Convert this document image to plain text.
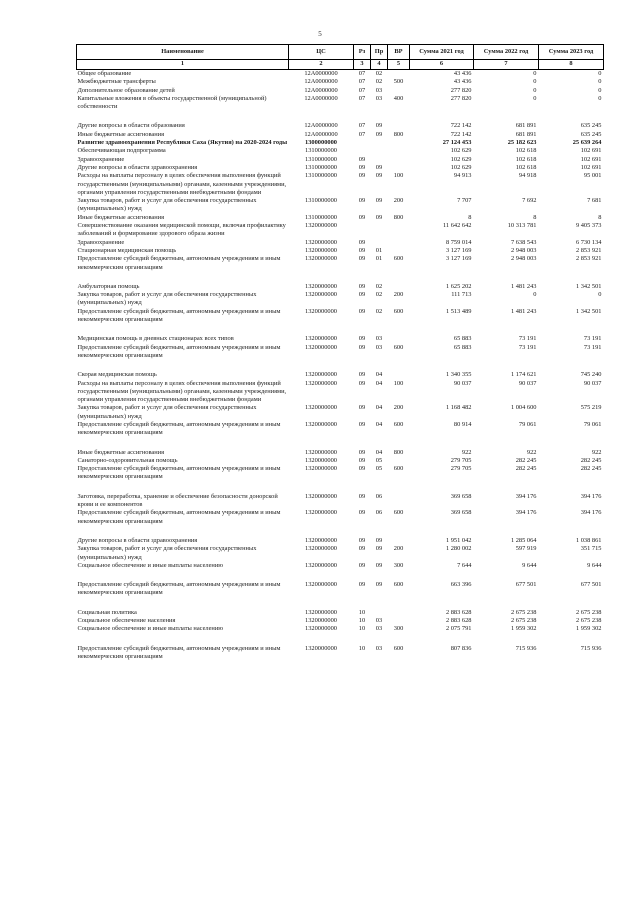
5
Наименование	ЦС	Рз	Пр	ВР	Сумма 2021 год	Сумма 2022 год	Сумма 2023 год
1	2	3	4	5	6	7	8
Общее образование	12А0000000	07	02		43 436	0	0
Межбюджетные трансферты	12А0000000	07	02	500	43 436	0	0
Дополнительное образование детей	12А0000000	07	03		277 820	0	0
Капитальные вложения в объекты государственной (муниципальной) собственности	12А0000000	07	03	400	277 820	0	0

Другие вопросы в области образования	12А0000000	07	09		722 142	681 891	635 245
Иные бюджетные ассигнования	12А0000000	07	09	800	722 142	681 891	635 245
Развитие здравоохранения Республики Саха (Якутия) на 2020-2024 годы	1300000000				27 124 453	25 182 623	25 639 264
Обеспечивающая подпрограмма	1310000000				102 629	102 618	102 691
Здравоохранение	1310000000	09			102 629	102 618	102 691
Другие вопросы в области здравоохранения	1310000000	09	09		102 629	102 618	102 691
Расходы на выплаты персоналу в целях обеспечения выполнения функций государственными (муниципальными) органами, казенными учреждениями, органами управления государственными внебюджетными фондами	1310000000	09	09	100	94 913	94 918	95 001
Закупка товаров, работ и услуг для обеспечения государственных (муниципальных) нужд	1310000000	09	09	200	7 707	7 692	7 681
Иные бюджетные ассигнования	1310000000	09	09	800	8	8	8
Совершенствование оказания медицинской помощи, включая профилактику заболеваний и формирование здорового образа жизни	1320000000				11 642 642	10 313 781	9 405 373
Здравоохранение	1320000000	09			8 759 014	7 638 543	6 730 134
Стационарная медицинская помощь	1320000000	09	01		3 127 169	2 948 003	2 853 921
Предоставление субсидий бюджетным, автономным учреждениям и иным некоммерческим организациям	1320000000	09	01	600	3 127 169	2 948 003	2 853 921

Амбулаторная помощь	1320000000	09	02		1 625 202	1 481 243	1 342 501
Закупка товаров, работ и услуг для обеспечения государственных (муниципальных) нужд	1320000000	09	02	200	111 713	0	0
Предоставление субсидий бюджетным, автономным учреждениям и иным некоммерческим организациям	1320000000	09	02	600	1 513 489	1 481 243	1 342 501

Медицинская помощь в дневных стационарах всех типов	1320000000	09	03		65 883	73 191	73 191
Предоставление субсидий бюджетным, автономным учреждениям и иным некоммерческим организациям	1320000000	09	03	600	65 883	73 191	73 191

Скорая медицинская помощь	1320000000	09	04		1 340 355	1 174 621	745 240
Расходы на выплаты персоналу в целях обеспечения выполнения функций государственными (муниципальными) органами, казенными учреждениями, органами управления государственными внебюджетными фондами	1320000000	09	04	100	90 037	90 037	90 037
Закупка товаров, работ и услуг для обеспечения государственных (муниципальных) нужд	1320000000	09	04	200	1 168 482	1 004 600	575 219
Предоставление субсидий бюджетным, автономным учреждениям и иным некоммерческим организациям	1320000000	09	04	600	80 914	79 061	79 061

Иные бюджетные ассигнования	1320000000	09	04	800	922	922	922
Санаторно-оздоровительная помощь	1320000000	09	05		279 705	282 245	282 245
Предоставление субсидий бюджетным, автономным учреждениям и иным некоммерческим организациям	1320000000	09	05	600	279 705	282 245	282 245

Заготовка, переработка, хранение и обеспечение безопасности донорской крови и ее компонентов	1320000000	09	06		369 658	394 176	394 176
Предоставление субсидий бюджетным, автономным учреждениям и иным некоммерческим организациям	1320000000	09	06	600	369 658	394 176	394 176

Другие вопросы в области здравоохранения	1320000000	09	09		1 951 042	1 285 064	1 038 861
Закупка товаров, работ и услуг для обеспечения государственных (муниципальных) нужд	1320000000	09	09	200	1 280 002	597 919	351 715
Социальное обеспечение и иные выплаты населению	1320000000	09	09	300	7 644	9 644	9 644

Предоставление субсидий бюджетным, автономным учреждениям и иным некоммерческим организациям	1320000000	09	09	600	663 396	677 501	677 501

Социальная политика	1320000000	10			2 883 628	2 675 238	2 675 238
Социальное обеспечение населения	1320000000	10	03		2 883 628	2 675 238	2 675 238
Социальное обеспечение и иные выплаты населению	1320000000	10	03	300	2 075 791	1 959 302	1 959 302

Предоставление субсидий бюджетным, автономным учреждениям и иным некоммерческим организациям	1320000000	10	03	600	807 836	715 936	715 936
